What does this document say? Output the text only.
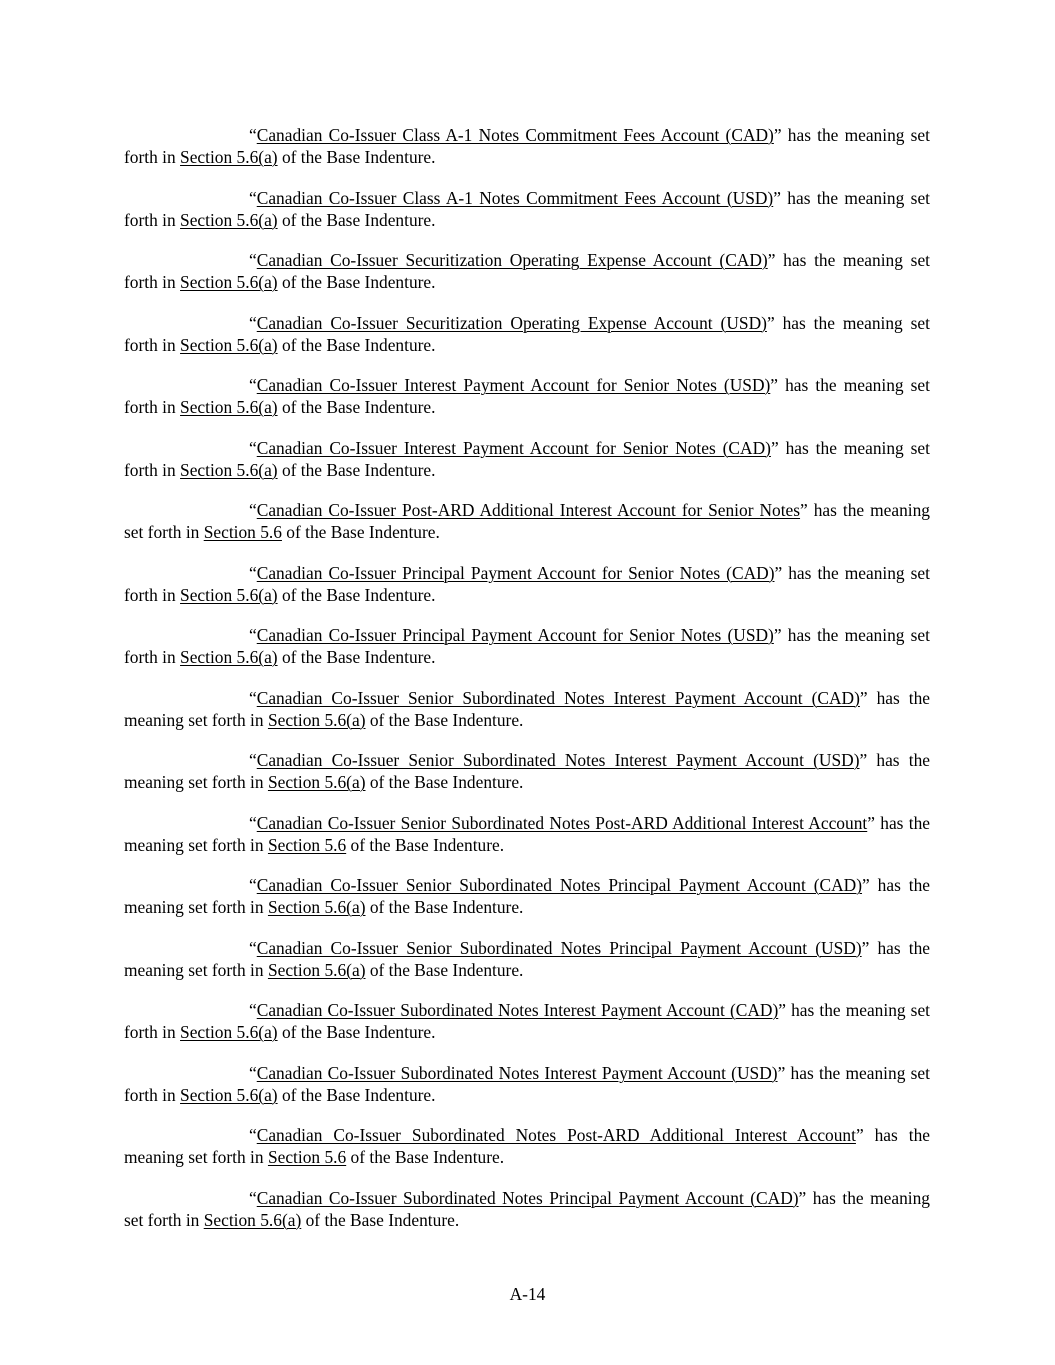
“Canadian Co-Issuer Class A-1 Notes Commitment Fees Account (CAD)” has the meaning set forth in Section 5.6(a) of the Base Indenture.

“Canadian Co-Issuer Class A-1 Notes Commitment Fees Account (USD)” has the meaning set forth in Section 5.6(a) of the Base Indenture.

“Canadian Co-Issuer Securitization Operating Expense Account (CAD)” has the meaning set forth in Section 5.6(a) of the Base Indenture.

“Canadian Co-Issuer Securitization Operating Expense Account (USD)” has the meaning set forth in Section 5.6(a) of the Base Indenture.

“Canadian Co-Issuer Interest Payment Account for Senior Notes (USD)” has the meaning set forth in Section 5.6(a) of the Base Indenture.

“Canadian Co-Issuer Interest Payment Account for Senior Notes (CAD)” has the meaning set forth in Section 5.6(a) of the Base Indenture.

“Canadian Co-Issuer Post-ARD Additional Interest Account for Senior Notes” has the meaning set forth in Section 5.6 of the Base Indenture.

“Canadian Co-Issuer Principal Payment Account for Senior Notes (CAD)” has the meaning set forth in Section 5.6(a) of the Base Indenture.

“Canadian Co-Issuer Principal Payment Account for Senior Notes (USD)” has the meaning set forth in Section 5.6(a) of the Base Indenture.

“Canadian Co-Issuer Senior Subordinated Notes Interest Payment Account (CAD)” has the meaning set forth in Section 5.6(a) of the Base Indenture.

“Canadian Co-Issuer Senior Subordinated Notes Interest Payment Account (USD)” has the meaning set forth in Section 5.6(a) of the Base Indenture.

“Canadian Co-Issuer Senior Subordinated Notes Post-ARD Additional Interest Account” has the meaning set forth in Section 5.6 of the Base Indenture.

“Canadian Co-Issuer Senior Subordinated Notes Principal Payment Account (CAD)” has the meaning set forth in Section 5.6(a) of the Base Indenture.

“Canadian Co-Issuer Senior Subordinated Notes Principal Payment Account (USD)” has the meaning set forth in Section 5.6(a) of the Base Indenture.

“Canadian Co-Issuer Subordinated Notes Interest Payment Account (CAD)” has the meaning set forth in Section 5.6(a) of the Base Indenture.

“Canadian Co-Issuer Subordinated Notes Interest Payment Account (USD)” has the meaning set forth in Section 5.6(a) of the Base Indenture.

“Canadian Co-Issuer Subordinated Notes Post-ARD Additional Interest Account” has the meaning set forth in Section 5.6 of the Base Indenture.

“Canadian Co-Issuer Subordinated Notes Principal Payment Account (CAD)” has the meaning set forth in Section 5.6(a) of the Base Indenture.

A-14
